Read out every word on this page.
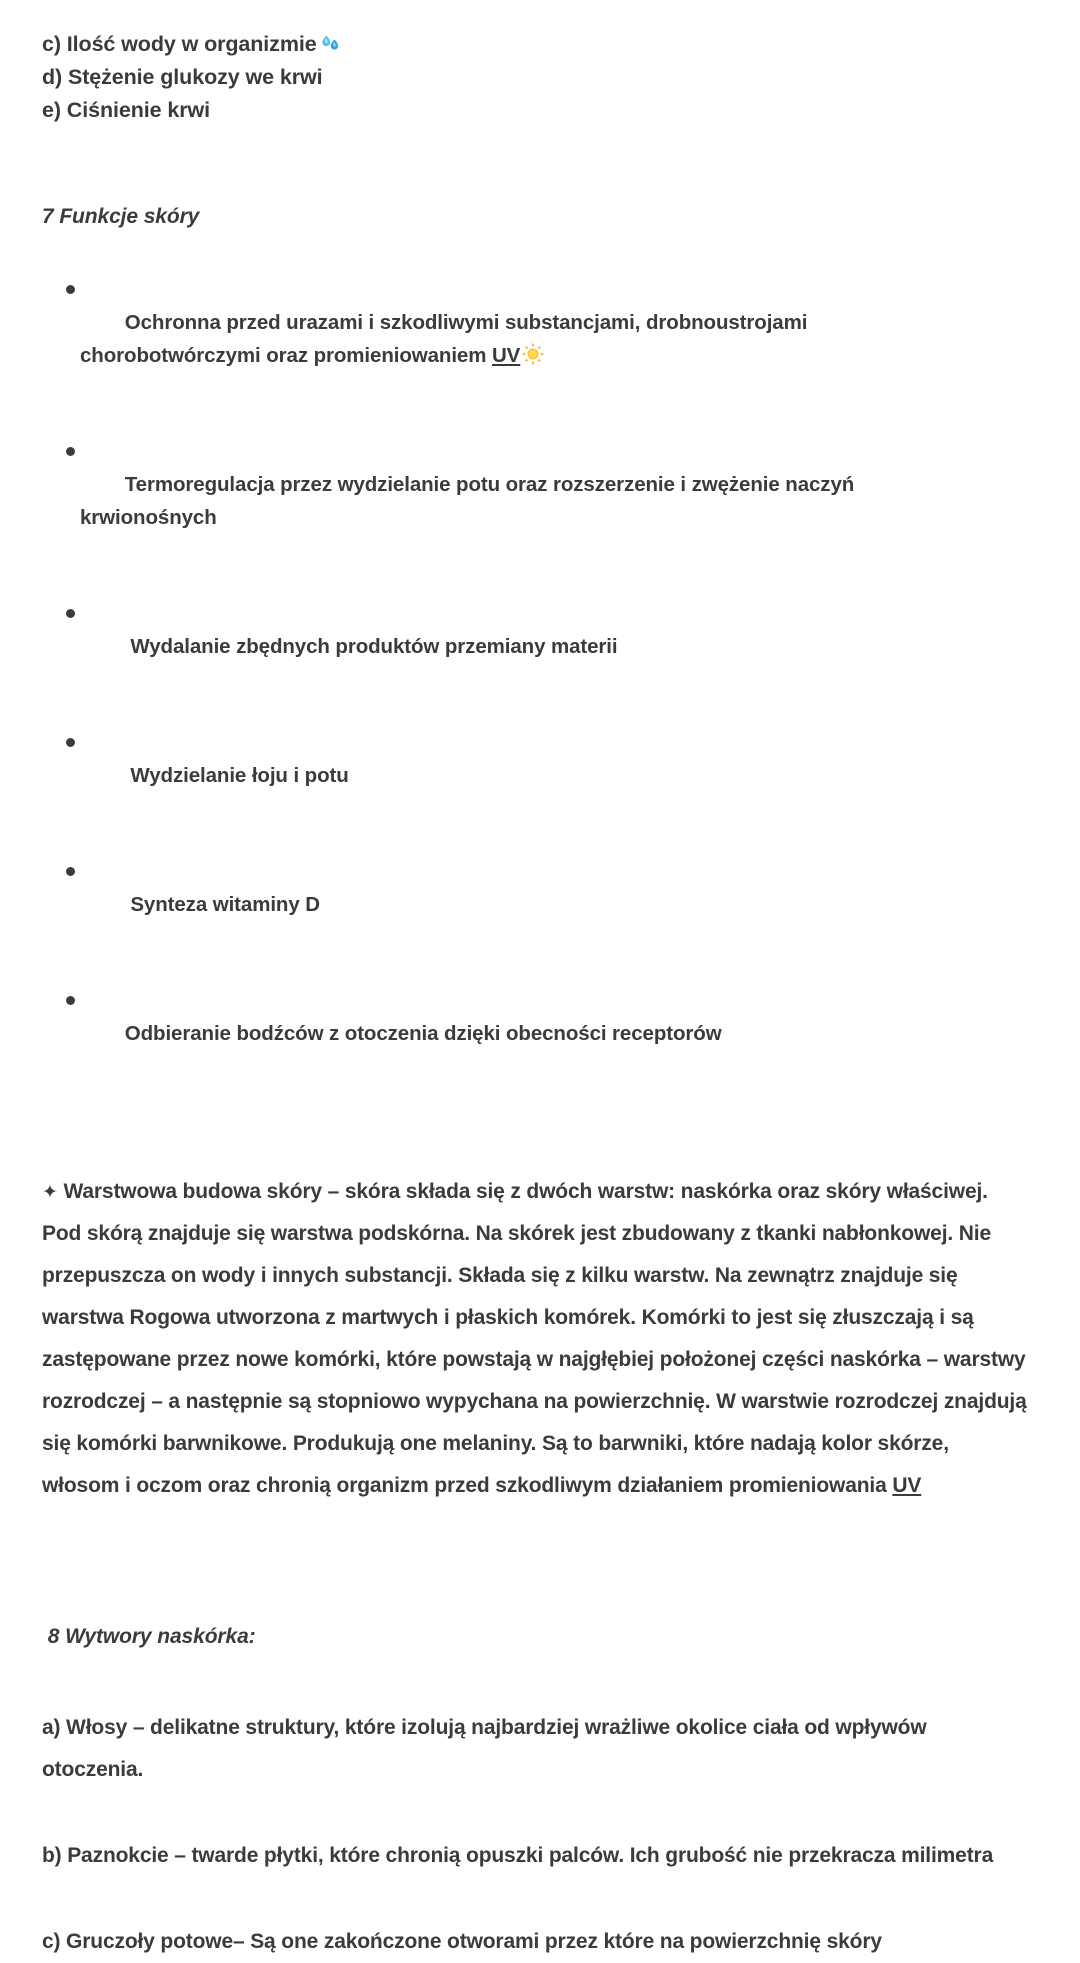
c) Ilość wody w organizmie
d) Stężenie glukozy we krwi
e) Ciśnienie krwi
7 Funkcje skóry

Ochronna przed urazami i szkodliwymi substancjami, drobnoustrojami chorobotwórczymi oraz promieniowaniem UV

Termoregulacja przez wydzielanie potu oraz rozszerzenie i zwężenie naczyń krwionośnych

Wydalanie zbędnych produktów przemiany materii

Wydzielanie łoju i potu

Synteza witaminy D

Odbieranie bodźców z otoczenia dzięki obecności receptorów

✦ Warstwowa budowa skóry – skóra składa się z dwóch warstw: naskórka oraz skóry właściwej. Pod skórą znajduje się warstwa podskórna. Na skórek jest zbudowany z tkanki nabłonkowej. Nie przepuszcza on wody i innych substancji. Składa się z kilku warstw. Na zewnątrz znajduje się warstwa Rogowa utworzona z martwych i płaskich komórek. Komórki to jest się złuszczają i są zastępowane przez nowe komórki, które powstają w najgłębiej położonej części naskórka – warstwy rozrodczej – a następnie są stopniowo wypychana na powierzchnię. W warstwie rozrodczej znajdują się komórki barwnikowe. Produkują one melaniny. Są to barwniki, które nadają kolor skórze, włosom i oczom oraz chronią organizm przed szkodliwym działaniem promieniowania UV

8 Wytwory naskórka:

a) Włosy – delikatne struktury, które izolują najbardziej wrażliwe okolice ciała od wpływów otoczenia.

b) Paznokcie – twarde płytki, które chronią opuszki palców. Ich grubość nie przekracza milimetra

c) Gruczoły potowe– Są one zakończone otworami przez które na powierzchnię skóry
